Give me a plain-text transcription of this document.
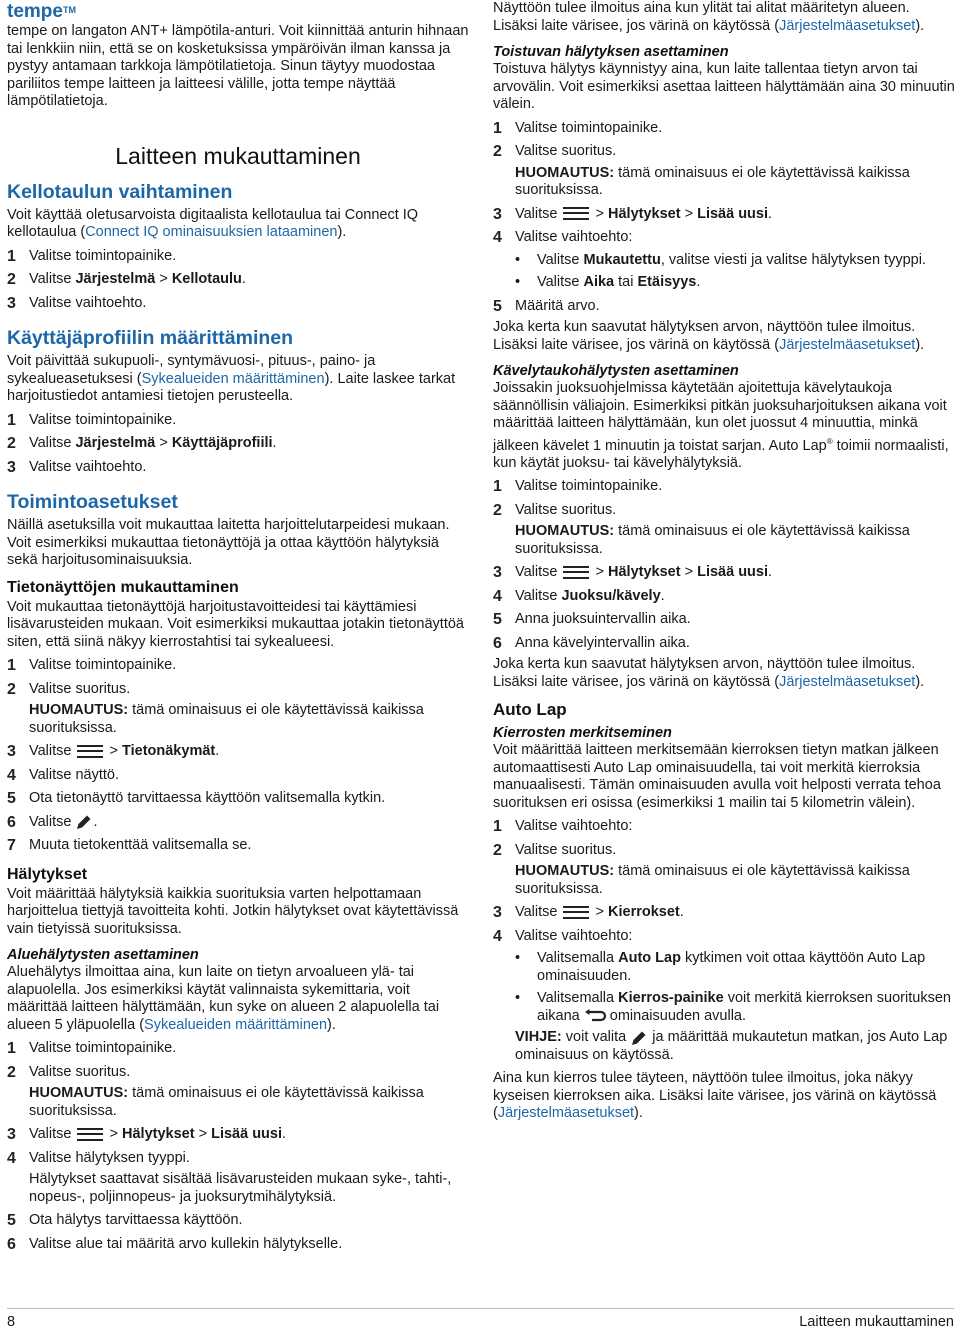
tempe™

tempe on langaton ANT+ lämpötila-anturi. Voit kiinnittää anturin hihnaan tai lenkkiin niin, että se on kosketuksissa ympäröivän ilman kanssa ja pystyy antamaan tarkkoja lämpötilatietoja. Sinun täytyy muodostaa pariliitos tempe laitteen ja laitteesi välille, jotta tempe näyttää lämpötilatietoja.

Laitteen mukauttaminen

Kellotaulun vaihtaminen

Voit käyttää oletusarvoista digitaalista kellotaulua tai Connect IQ kellotaulua (Connect IQ ominaisuuksien lataaminen).

1 Valitse toimintopainike.
2 Valitse Järjestelmä > Kellotaulu.
3 Valitse vaihtoehto.

Käyttäjäprofiilin määrittäminen

Voit päivittää sukupuoli-, syntymävuosi-, pituus-, paino- ja sykealueasetuksesi (Sykealueiden määrittäminen). Laite laskee tarkat harjoitustiedot antamiesi tietojen perusteella.

1 Valitse toimintopainike.
2 Valitse Järjestelmä > Käyttäjäprofiili.
3 Valitse vaihtoehto.

Toimintoasetukset

Näillä asetuksilla voit mukauttaa laitetta harjoittelutarpeidesi mukaan. Voit esimerkiksi mukauttaa tietonäyttöjä ja ottaa käyttöön hälytyksiä sekä harjoitusominaisuuksia.

Tietonäyttöjen mukauttaminen

Voit mukauttaa tietonäyttöjä harjoitustavoitteidesi tai käyttämiesi lisävarusteiden mukaan. Voit esimerkiksi mukauttaa jotakin tietonäyttöä siten, että siinä näkyy kierrostahtisi tai sykealueesi.

1 Valitse toimintopainike.
2 Valitse suoritus.

HUOMAUTUS: tämä ominaisuus ei ole käytettävissä kaikissa suorituksissa.

3 Valitse  > Tietonäkymät.
4 Valitse näyttö.
5 Ota tietonäyttö tarvittaessa käyttöön valitsemalla kytkin.
6 Valitse .
7 Muuta tietokenttää valitsemalla se.

Hälytykset

Voit määrittää hälytyksiä kaikkia suorituksia varten helpottamaan harjoittelua tiettyjä tavoitteita kohti. Jotkin hälytykset ovat käytettävissä vain tietyissä suorituksissa.

Aluehälytysten asettaminen

Aluehälytys ilmoittaa aina, kun laite on tietyn arvoalueen ylä- tai alapuolella. Jos esimerkiksi käytät valinnaista sykemittaria, voit määrittää laitteen hälyttämään, kun syke on alueen 2 alapuolella tai alueen 5 yläpuolella (Sykealueiden määrittäminen).

1 Valitse toimintopainike.
2 Valitse suoritus.

HUOMAUTUS: tämä ominaisuus ei ole käytettävissä kaikissa suorituksissa.

3 Valitse  > Hälytykset > Lisää uusi.
4 Valitse hälytyksen tyyppi.

Hälytykset saattavat sisältää lisävarusteiden mukaan syke-, tahti-, nopeus-, poljinnopeus- ja juoksurytmihälytyksiä.

5 Ota hälytys tarvittaessa käyttöön.
6 Valitse alue tai määritä arvo kullekin hälytykselle.

Näyttöön tulee ilmoitus aina kun ylität tai alitat määritetyn alueen. Lisäksi laite värisee, jos värinä on käytössä (Järjestelmäasetukset).

Toistuvan hälytyksen asettaminen

Toistuva hälytys käynnistyy aina, kun laite tallentaa tietyn arvon tai arvovälin. Voit esimerkiksi asettaa laitteen hälyttämään aina 30 minuutin välein.

1 Valitse toimintopainike.
2 Valitse suoritus.

HUOMAUTUS: tämä ominaisuus ei ole käytettävissä kaikissa suorituksissa.

3 Valitse  > Hälytykset > Lisää uusi.
4 Valitse vaihtoehto:
•	Valitse Mukautettu, valitse viesti ja valitse hälytyksen tyyppi.
•	Valitse Aika tai Etäisyys.
5 Määritä arvo.

Joka kerta kun saavutat hälytyksen arvon, näyttöön tulee ilmoitus. Lisäksi laite värisee, jos värinä on käytössä (Järjestelmäasetukset).

Kävelytaukohälytysten asettaminen

Joissakin juoksuohjelmissa käytetään ajoitettuja kävelytaukoja säännöllisin väliajoin. Esimerkiksi pitkän juoksuharjoituksen aikana voit määrittää laitteen hälyttämään, kun olet juossut 4 minuuttia, minkä jälkeen kävelet 1 minuutin ja toistat sarjan. Auto Lap® toimii normaalisti, kun käytät juoksu- tai kävelyhälytyksiä.

1 Valitse toimintopainike.
2 Valitse suoritus.

HUOMAUTUS: tämä ominaisuus ei ole käytettävissä kaikissa suorituksissa.

3 Valitse  > Hälytykset > Lisää uusi.
4 Valitse Juoksu/kävely.
5 Anna juoksuintervallin aika.
6 Anna kävelyintervallin aika.

Joka kerta kun saavutat hälytyksen arvon, näyttöön tulee ilmoitus. Lisäksi laite värisee, jos värinä on käytössä (Järjestelmäasetukset).

Auto Lap

Kierrosten merkitseminen

Voit määrittää laitteen merkitsemään kierroksen tietyn matkan jälkeen automaattisesti Auto Lap ominaisuudella, tai voit merkitä kierroksia manuaalisesti. Tämän ominaisuuden avulla voit helposti verrata tehoa suorituksen eri osissa (esimerkiksi 1 mailin tai 5 kilometrin välein).

1 Valitse vaihtoehto:
2 Valitse suoritus.

HUOMAUTUS: tämä ominaisuus ei ole käytettävissä kaikissa suorituksissa.

3 Valitse  > Kierrokset.
4 Valitse vaihtoehto:
•	Valitsemalla Auto Lap kytkimen voit ottaa käyttöön Auto Lap ominaisuuden.
•	Valitsemalla Kierros-painike voit merkitä kierroksen suorituksen aikana  ominaisuuden avulla.

VIHJE: voit valita  ja määrittää mukautetun matkan, jos Auto Lap ominaisuus on käytössä.

Aina kun kierros tulee täyteen, näyttöön tulee ilmoitus, joka näkyy kyseisen kierroksen aika. Lisäksi laite värisee, jos värinä on käytössä (Järjestelmäasetukset).

8	Laitteen mukauttaminen
